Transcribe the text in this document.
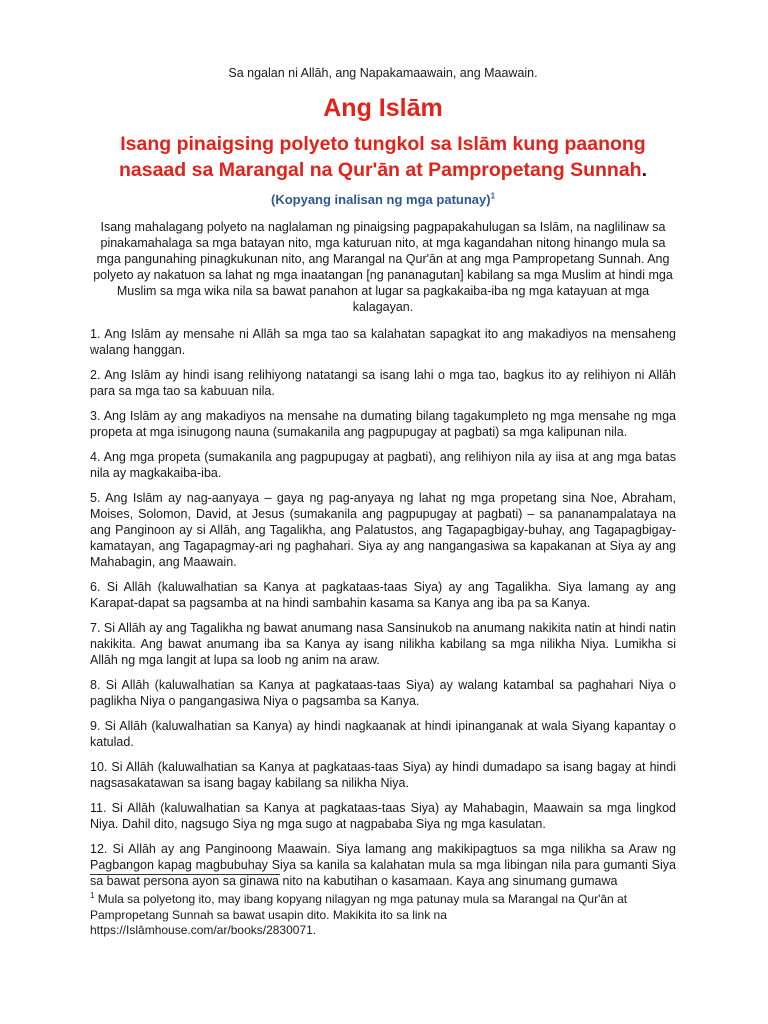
Sa ngalan ni Allāh, ang Napakamaawain, ang Maawain.

Ang Islām

Isang pinaigsing polyeto tungkol sa Islām kung paanong nasaad sa Marangal na Qur'ān at Pampropetang Sunnah.

(Kopyang inalisan ng mga patunay)$^1$

Isang mahalagang polyeto na naglalaman ng pinaigsing pagpapakahulugan sa Islām, na naglilinaw sa pinakamahalaga sa mga batayan nito, mga katuruan nito, at mga kagandahan nitong hinango mula sa mga pangunahing pinagkukunan nito, ang Marangal na Qur'ān at ang mga Pampropetang Sunnah. Ang polyeto ay nakatuon sa lahat ng mga inaatangan [ng pananagutan] kabilang sa mga Muslim at hindi mga Muslim sa mga wika nila sa bawat panahon at lugar sa pagkakaiba-iba ng mga katayuan at mga kalagayan.

1. Ang Islām ay mensahe ni Allāh sa mga tao sa kalahatan sapagkat ito ang makadiyos na mensaheng walang hanggan.

2. Ang Islām ay hindi isang relihiyong natatangi sa isang lahi o mga tao, bagkus ito ay relihiyon ni Allāh para sa mga tao sa kabuuan nila.

3. Ang Islām ay ang makadiyos na mensahe na dumating bilang tagakumpleto ng mga mensahe ng mga propeta at mga isinugong nauna (sumakanila ang pagpupugay at pagbati) sa mga kalipunan nila.

4. Ang mga propeta (sumakanila ang pagpupugay at pagbati), ang relihiyon nila ay iisa at ang mga batas nila ay magkakaiba-iba.

5. Ang Islām ay nag-aanyaya – gaya ng pag-anyaya ng lahat ng mga propetang sina Noe, Abraham, Moises, Solomon, David, at Jesus (sumakanila ang pagpupugay at pagbati) – sa pananampalataya na ang Panginoon ay si Allāh, ang Tagalikha, ang Palatustos, ang Tagapagbigay-buhay, ang Tagapagbigay-kamatayan, ang Tagapagmay-ari ng paghahari. Siya ay ang nangangasiwa sa kapakanan at Siya ay ang Mahabagin, ang Maawain.

6. Si Allāh (kaluwalhatian sa Kanya at pagkataas-taas Siya) ay ang Tagalikha. Siya lamang ay ang Karapat-dapat sa pagsamba at na hindi sambahin kasama sa Kanya ang iba pa sa Kanya.

7. Si Allāh ay ang Tagalikha ng bawat anumang nasa Sansinukob na anumang nakikita natin at hindi natin nakikita. Ang bawat anumang iba sa Kanya ay isang nilikha kabilang sa mga nilikha Niya. Lumikha si Allāh ng mga langit at lupa sa loob ng anim na araw.

8. Si Allāh (kaluwalhatian sa Kanya at pagkataas-taas Siya) ay walang katambal sa paghahari Niya o paglikha Niya o pangangasiwa Niya o pagsamba sa Kanya.

9. Si Allāh (kaluwalhatian sa Kanya) ay hindi nagkaanak at hindi ipinanganak at wala Siyang kapantay o katulad.

10. Si Allāh (kaluwalhatian sa Kanya at pagkataas-taas Siya) ay hindi dumadapo sa isang bagay at hindi nagsasakatawan sa isang bagay kabilang sa nilikha Niya.

11. Si Allāh (kaluwalhatian sa Kanya at pagkataas-taas Siya) ay Mahabagin, Maawain sa mga lingkod Niya. Dahil dito, nagsugo Siya ng mga sugo at nagpababa Siya ng mga kasulatan.

12. Si Allāh ay ang Panginoong Maawain. Siya lamang ang makikipagtuos sa mga nilikha sa Araw ng Pagbangon kapag magbubuhay Siya sa kanila sa kalahatan mula sa mga libingan nila para gumanti Siya sa bawat persona ayon sa ginawa nito na kabutihan o kasamaan. Kaya ang sinumang gumawa

$^1$ Mula sa polyetong ito, may ibang kopyang nilagyan ng mga patunay mula sa Marangal na Qur'ān at Pampropetang Sunnah sa bawat usapin dito. Makikita ito sa link na https://Islāmhouse.com/ar/books/2830071.
